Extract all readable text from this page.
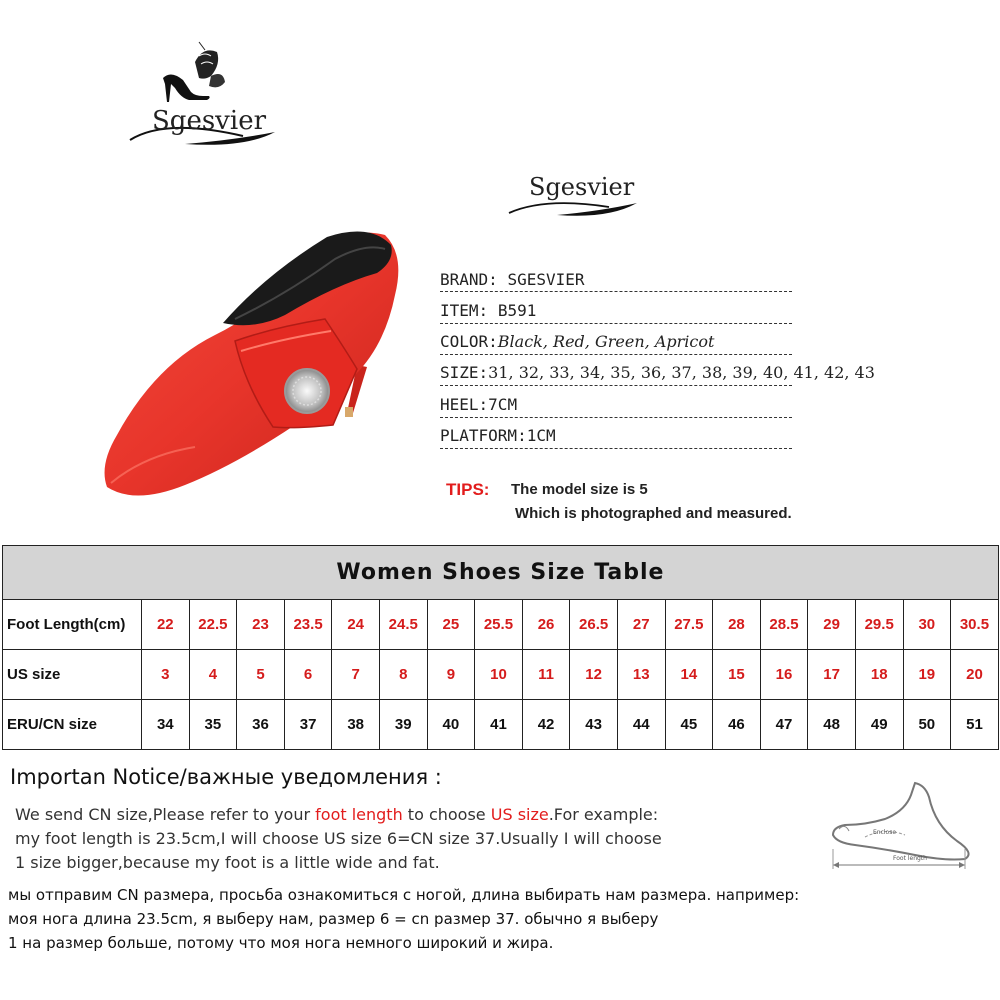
Sgesvier
Sgesvier
BRAND: SGESVIER
ITEM: B591
COLOR:Black, Red, Green, Apricot
SIZE:31, 32, 33, 34, 35, 36, 37, 38, 39, 40, 41, 42, 43
HEEL:7CM
PLATFORM:1CM
TIPS: The model size is 5
Which is photographed and measured.
Women Shoes Size Table																		
Foot Length(cm)	22	22.5	23	23.5	24	24.5	25	25.5	26	26.5	27	27.5	28	28.5	29	29.5	30	30.5
US size	3	4	5	6	7	8	9	10	11	12	13	14	15	16	17	18	19	20
ERU/CN size	34	35	36	37	38	39	40	41	42	43	44	45	46	47	48	49	50	51
Importan Notice/важные уведомления :
We send CN size,Please refer to your foot length to choose US size.For example:
my foot length is 23.5cm,I will choose US size 6=CN size 37.Usually I will choose
1 size bigger,because my foot is a little wide and fat.
мы отправим CN размера, просьба ознакомиться с ногой, длина выбирать нам размера. например:
моя нога длина 23.5cm, я выберу нам, размер 6 = cn размер 37. обычно я выберу
1 на размер больше, потому что моя нога немного широкий и жира.
Enclose
Foot length
